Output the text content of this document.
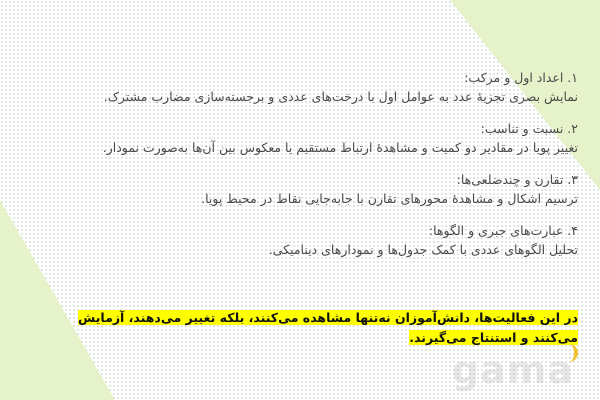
۱. اعداد اول و مرکب:
نمایش بصری تجزیهٔ عدد به عوامل اول با درخت‌های عددی و برجسته‌سازی مضارب مشترک.
۲. نسبت و تناسب:
تغییر پویا در مقادیر دو کمیت و مشاهدهٔ ارتباط مستقیم یا معکوس بین آن‌ها به‌صورت نمودار.
۳. تقارن و چندضلعی‌ها:
ترسیم اشکال و مشاهدهٔ محورهای تقارن با جابه‌جایی نقاط در محیط پویا.
۴. عبارت‌های جبری و الگوها:
تحلیل الگوهای عددی با کمک جدول‌ها و نمودارهای دینامیکی.
در این فعالیت‌ها، دانش‌آموزان نه‌تنها مشاهده می‌کنند، بلکه تغییر می‌دهند، آزمایش می‌کنند و استنتاج می‌گیرند.
gama
